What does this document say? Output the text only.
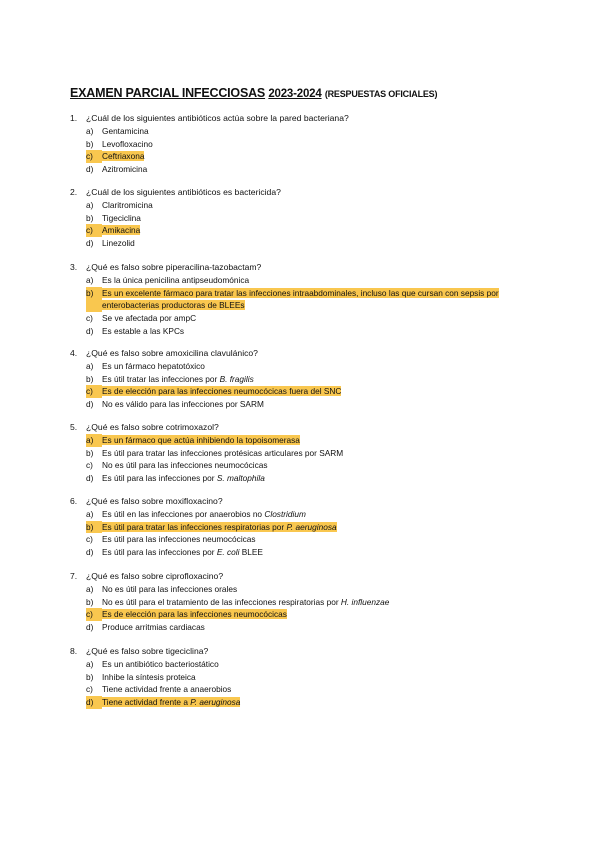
EXAMEN PARCIAL INFECCIOSAS 2023-2024 (RESPUESTAS OFICIALES)
1.	¿Cuál de los siguientes antibióticos actúa sobre la pared bacteriana?
a)	Gentamicina
b)	Levofloxacino
c)	Ceftriaxona
d)	Azitromicina
2.	¿Cuál de los siguientes antibióticos es bactericida?
a)	Claritromicina
b)	Tigeciclina
c)	Amikacina
d)	Linezolid
3.	¿Qué es falso sobre piperacilina-tazobactam?
a)	Es la única penicilina antipseudomónica
b)	Es un excelente fármaco para tratar las infecciones intraabdominales, incluso las que cursan con sepsis por enterobacterias productoras de BLEEs
c)	Se ve afectada por ampC
d)	Es estable a las KPCs
4.	¿Qué es falso sobre amoxicilina clavulánico?
a)	Es un fármaco hepatotóxico
b)	Es útil tratar las infecciones por B. fragilis
c)	Es de elección para las infecciones neumocócicas fuera del SNC
d)	No es válido para las infecciones por SARM
5.	¿Qué es falso sobre cotrimoxazol?
a)	Es un fármaco que actúa inhibiendo la topoisomerasa
b)	Es útil para tratar las infecciones protésicas articulares por SARM
c)	No es útil para las infecciones neumocócicas
d)	Es útil para las infecciones por S. maltophila
6.	¿Qué es falso sobre moxifloxacino?
a)	Es útil en las infecciones por anaerobios no Clostridium
b)	Es útil para tratar las infecciones respiratorias por P. aeruginosa
c)	Es útil para las infecciones neumocócicas
d)	Es útil para las infecciones por E. coli BLEE
7.	¿Qué es falso sobre ciprofloxacino?
a)	No es útil para las infecciones orales
b)	No es útil para el tratamiento de las infecciones respiratorias por H. influenzae
c)	Es de elección para las infecciones neumocócicas
d)	Produce arritmias cardiacas
8.	¿Qué es falso sobre tigeciclina?
a)	Es un antibiótico bacteriostático
b)	Inhibe la síntesis proteica
c)	Tiene actividad frente a anaerobios
d)	Tiene actividad frente a P. aeruginosa
